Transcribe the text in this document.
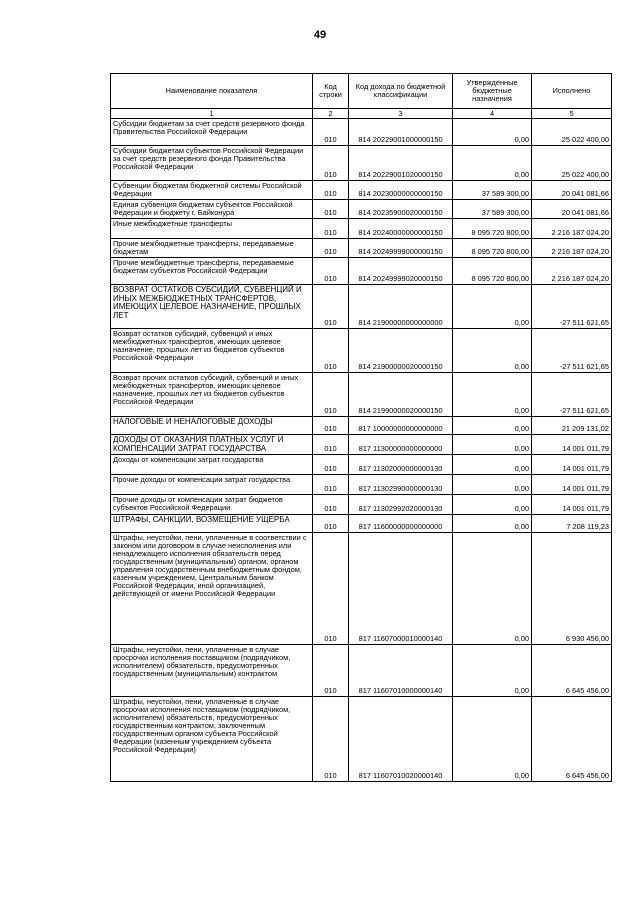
49
Наименование показателя	Код строки	Код дохода по бюджетной классификации	Утвержденные бюджетные назначения	Исполнено
1	2	3	4	5
Субсидии бюджетам за счет средств резервного фонда Правительства Российской Федерации	010	814 20229001000000150	0,00	25 022 400,00
Субсидии бюджетам субъектов Российской Федерации за счет средств резервного фонда Правительства Российской Федерации	010	814 20229001020000150	0,00	25 022 400,00
Субвенции бюджетам бюджетной системы Российской Федерации	010	814 20230000000000150	37 589 300,00	20 041 081,66
Единая субвенция бюджетам субъектов Российской Федерации и бюджету г. Байконура	010	814 20235900020000150	37 589 300,00	20 041 081,66
Иные межбюджетные трансферты	010	814 20240000000000150	8 095 720 800,00	2 216 187 024,20
Прочие межбюджетные трансферты, передаваемые бюджетам	010	814 20249999000000150	8 095 720 800,00	2 216 187 024,20
Прочие межбюджетные трансферты, передаваемые бюджетам субъектов Российской Федерации	010	814 20249999020000150	8 095 720 800,00	2 216 187 024,20
ВОЗВРАТ ОСТАТКОВ СУБСИДИЙ, СУБВЕНЦИЙ И ИНЫХ МЕЖБЮДЖЕТНЫХ ТРАНСФЕРТОВ, ИМЕЮЩИХ ЦЕЛЕВОЕ НАЗНАЧЕНИЕ, ПРОШЛЫХ ЛЕТ	010	814 21900000000000000	0,00	-27 511 621,65
Возврат остатков субсидий, субвенций и иных межбюджетных трансфертов, имеющих целевое назначение, прошлых лет из бюджетов субъектов Российской Федерации	010	814 21900000020000150	0,00	-27 511 621,65
Возврат прочих остатков субсидий, субвенций и иных межбюджетных трансфертов, имеющих целевое назначение, прошлых лет из бюджетов субъектов Российской Федерации	010	814 21990000020000150	0,00	-27 511 621,65
НАЛОГОВЫЕ И НЕНАЛОГОВЫЕ ДОХОДЫ	010	817 10000000000000000	0,00	21 209 131,02
ДОХОДЫ ОТ ОКАЗАНИЯ ПЛАТНЫХ УСЛУГ И КОМПЕНСАЦИИ ЗАТРАТ ГОСУДАРСТВА	010	817 11300000000000000	0,00	14 001 011,79
Доходы от компенсации затрат государства	010	817 11302000000000130	0,00	14 001 011,79
Прочие доходы от компенсации затрат государства	010	817 11302990000000130	0,00	14 001 011,79
Прочие доходы от компенсации затрат бюджетов субъектов Российской Федерации	010	817 11302992020000130	0,00	14 001 011,79
ШТРАФЫ, САНКЦИИ, ВОЗМЕЩЕНИЕ УЩЕРБА	010	817 11600000000000000	0,00	7 208 119,23
Штрафы, неустойки, пени, уплаченные в соответствии с законом или договором в случае неисполнения или ненадлежащего исполнения обязательств перед государственным (муниципальным) органом, органом управления государственным внебюджетным фондом, казенным учреждением, Центральным банком Российской Федерации, иной организацией, действующей от имени Российской Федерации	010	817 11607000010000140	0,00	6 930 456,00
Штрафы, неустойки, пени, уплаченные в случае просрочки исполнения поставщиком (подрядчиком, исполнителем) обязательств, предусмотренных государственным (муниципальным) контрактом	010	817 11607010000000140	0,00	6 645 456,00
Штрафы, неустойки, пени, уплаченные в случае просрочки исполнения поставщиком (подрядчиком, исполнителем) обязательств, предусмотренных государственным контрактом, заключенным государственным органом субъекта Российской Федерации (казенным учреждением субъекта Российской Федерации)	010	817 11607010020000140	0,00	6 645 456,00
